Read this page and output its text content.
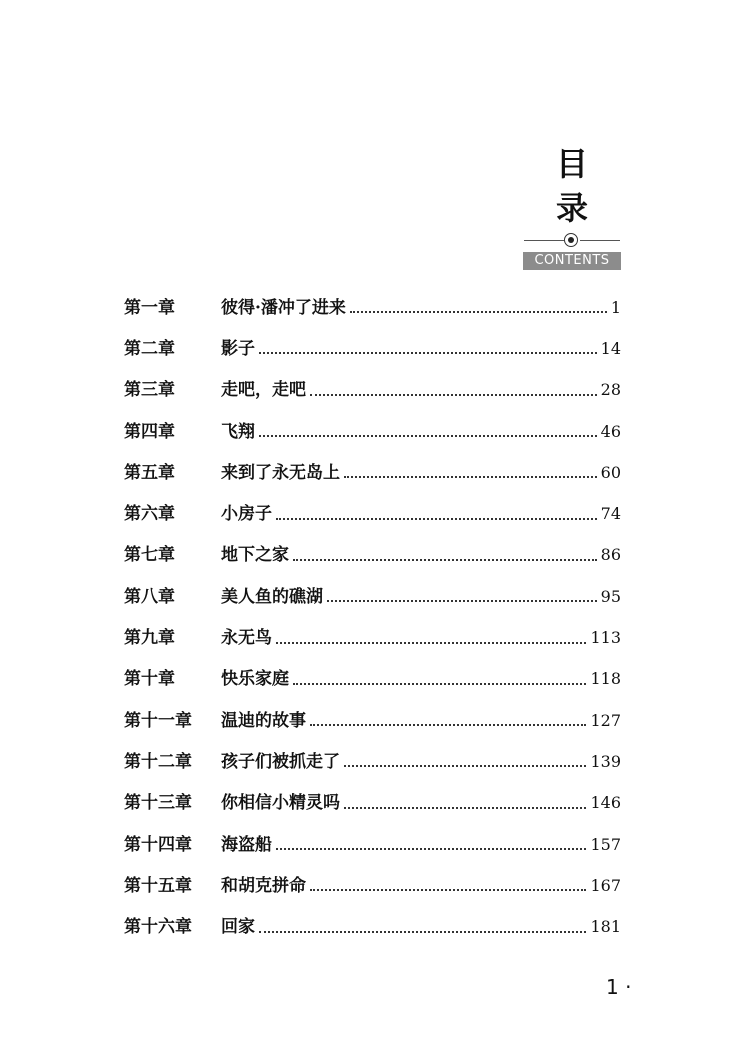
目 录
CONTENTS
第一章	彼得·潘冲了进来	1
第二章	影子	14
第三章	走吧，走吧	28
第四章	飞翔	46
第五章	来到了永无岛上	60
第六章	小房子	74
第七章	地下之家	86
第八章	美人鱼的礁湖	95
第九章	永无鸟	113
第十章	快乐家庭	118
第十一章	温迪的故事	127
第十二章	孩子们被抓走了	139
第十三章	你相信小精灵吗	146
第十四章	海盗船	157
第十五章	和胡克拼命	167
第十六章	回家	181
1 ·
